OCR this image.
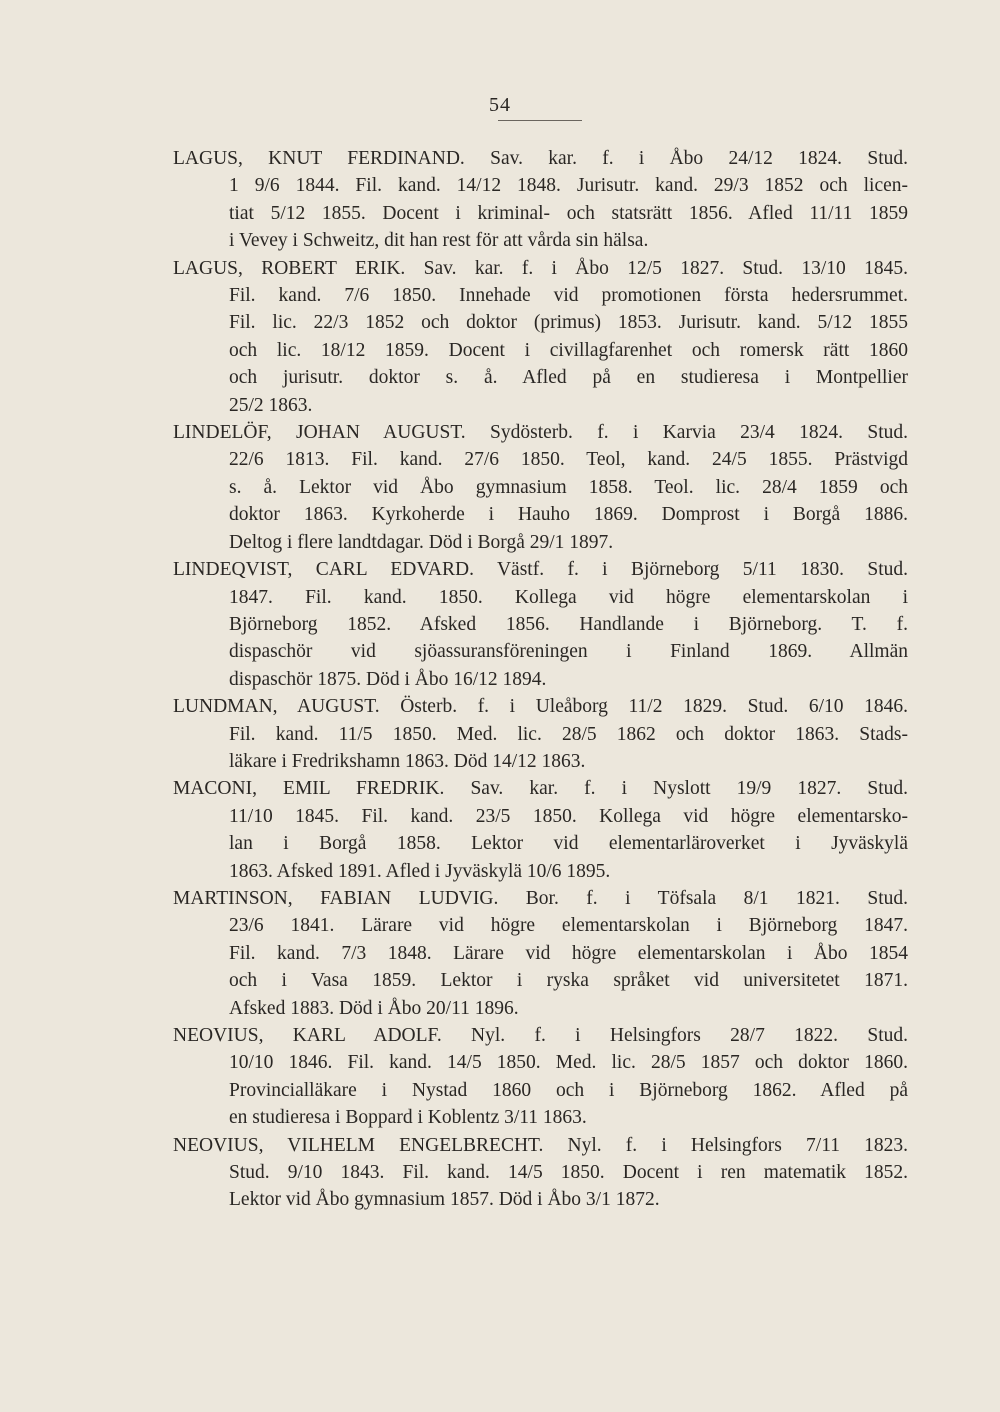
54
LAGUS, KNUT FERDINAND. Sav. kar. f. i Åbo 24/12 1824. Stud.
1 9/6 1844. Fil. kand. 14/12 1848. Jurisutr. kand. 29/3 1852 och licen-
tiat 5/12 1855. Docent i kriminal- och statsrätt 1856. Afled 11/11 1859
i Vevey i Schweitz, dit han rest för att vårda sin hälsa.
LAGUS, ROBERT ERIK. Sav. kar. f. i Åbo 12/5 1827. Stud. 13/10 1845.
Fil. kand. 7/6 1850. Innehade vid promotionen första hedersrummet.
Fil. lic. 22/3 1852 och doktor (primus) 1853. Jurisutr. kand. 5/12 1855
och lic. 18/12 1859. Docent i civillagfarenhet och romersk rätt 1860
och jurisutr. doktor s. å. Afled på en studieresa i Montpellier
25/2 1863.
LINDELÖF, JOHAN AUGUST. Sydösterb. f. i Karvia 23/4 1824. Stud.
22/6 1813. Fil. kand. 27/6 1850. Teol, kand. 24/5 1855. Prästvigd
s. å. Lektor vid Åbo gymnasium 1858. Teol. lic. 28/4 1859 och
doktor 1863. Kyrkoherde i Hauho 1869. Domprost i Borgå 1886.
Deltog i flere landtdagar. Död i Borgå 29/1 1897.
LINDEQVIST, CARL EDVARD. Västf. f. i Björneborg 5/11 1830. Stud.
1847. Fil. kand. 1850. Kollega vid högre elementarskolan i
Björneborg 1852. Afsked 1856. Handlande i Björneborg. T. f.
dispaschör vid sjöassuransföreningen i Finland 1869. Allmän
dispaschör 1875. Död i Åbo 16/12 1894.
LUNDMAN, AUGUST. Österb. f. i Uleåborg 11/2 1829. Stud. 6/10 1846.
Fil. kand. 11/5 1850. Med. lic. 28/5 1862 och doktor 1863. Stads-
läkare i Fredrikshamn 1863. Död 14/12 1863.
MACONI, EMIL FREDRIK. Sav. kar. f. i Nyslott 19/9 1827. Stud.
11/10 1845. Fil. kand. 23/5 1850. Kollega vid högre elementarsko-
lan i Borgå 1858. Lektor vid elementarläroverket i Jyväskylä
1863. Afsked 1891. Afled i Jyväskylä 10/6 1895.
MARTINSON, FABIAN LUDVIG. Bor. f. i Töfsala 8/1 1821. Stud.
23/6 1841. Lärare vid högre elementarskolan i Björneborg 1847.
Fil. kand. 7/3 1848. Lärare vid högre elementarskolan i Åbo 1854
och i Vasa 1859. Lektor i ryska språket vid universitetet 1871.
Afsked 1883. Död i Åbo 20/11 1896.
NEOVIUS, KARL ADOLF. Nyl. f. i Helsingfors 28/7 1822. Stud.
10/10 1846. Fil. kand. 14/5 1850. Med. lic. 28/5 1857 och doktor 1860.
Provincialläkare i Nystad 1860 och i Björneborg 1862. Afled på
en studieresa i Boppard i Koblentz 3/11 1863.
NEOVIUS, VILHELM ENGELBRECHT. Nyl. f. i Helsingfors 7/11 1823.
Stud. 9/10 1843. Fil. kand. 14/5 1850. Docent i ren matematik 1852.
Lektor vid Åbo gymnasium 1857. Död i Åbo 3/1 1872.
